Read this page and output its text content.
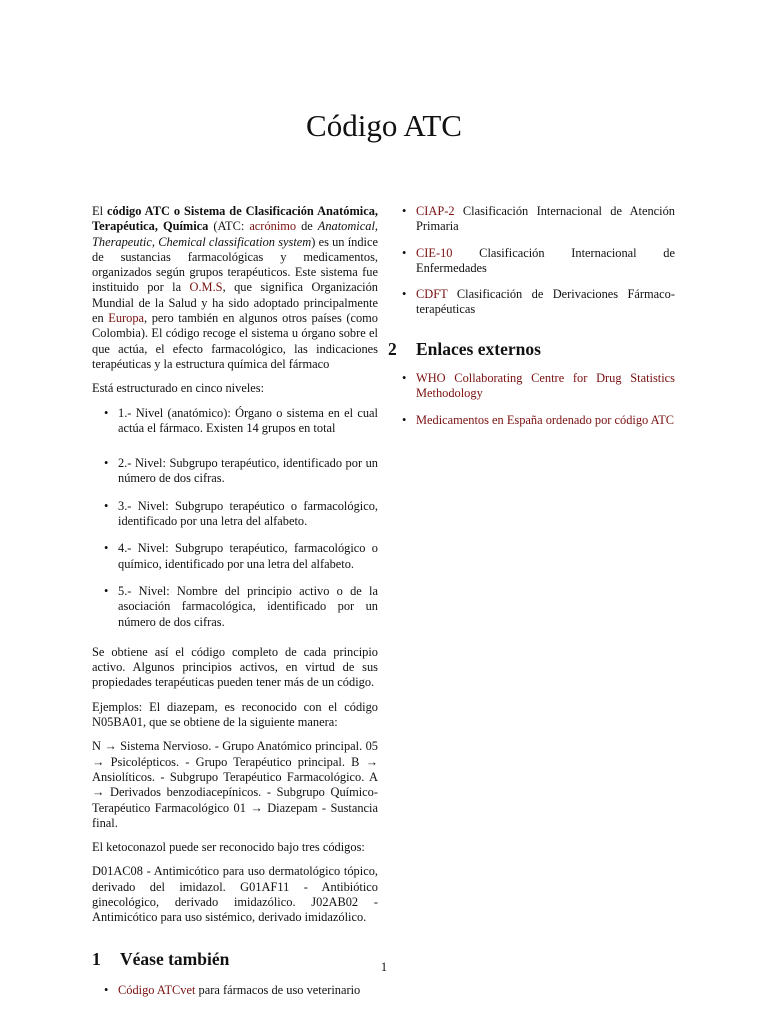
Código ATC

El código ATC o Sistema de Clasificación Anatómica, Terapéutica, Química (ATC: acrónimo de Anatomical, Therapeutic, Chemical classification system) es un índice de sustancias farmacológicas y medicamentos, organizados según grupos terapéuticos. Este sistema fue instituido por la O.M.S, que significa Organización Mundial de la Salud y ha sido adoptado principalmente en Europa, pero también en algunos otros países (como Colombia). El código recoge el sistema u órgano sobre el que actúa, el efecto farmacológico, las indicaciones terapéuticas y la estructura química del fármaco

Está estructurado en cinco niveles:

• 1.- Nivel (anatómico): Órgano o sistema en el cual actúa el fármaco. Existen 14 grupos en total
• 2.- Nivel: Subgrupo terapéutico, identificado por un número de dos cifras.
• 3.- Nivel: Subgrupo terapéutico o farmacológico, identificado por una letra del alfabeto.
• 4.- Nivel: Subgrupo terapéutico, farmacológico o químico, identificado por una letra del alfabeto.
• 5.- Nivel: Nombre del principio activo o de la asociación farmacológica, identificado por un número de dos cifras.

Se obtiene así el código completo de cada principio activo. Algunos principios activos, en virtud de sus propiedades terapéuticas pueden tener más de un código.

Ejemplos: El diazepam, es reconocido con el código N05BA01, que se obtiene de la siguiente manera:

N → Sistema Nervioso. - Grupo Anatómico principal. 05 → Psicolépticos. - Grupo Terapéutico principal. B → Ansiolíticos. - Subgrupo Terapéutico Farmacológico. A → Derivados benzodiacepínicos. - Subgrupo Químico-Terapéutico Farmacológico 01 → Diazepam - Sustancia final.

El ketoconazol puede ser reconocido bajo tres códigos:

D01AC08 - Antimicótico para uso dermatológico tópico, derivado del imidazol. G01AF11 - Antibiótico ginecológico, derivado imidazólico. J02AB02 - Antimicótico para uso sistémico, derivado imidazólico.

1 Véase también
• Código ATCvet para fármacos de uso veterinario
• CIAP-2 Clasificación Internacional de Atención Primaria
• CIE-10 Clasificación Internacional de Enfermedades
• CDFT Clasificación de Derivaciones Fármaco-terapéuticas
2 Enlaces externos
• WHO Collaborating Centre for Drug Statistics Methodology
• Medicamentos en España ordenado por código ATC
1
